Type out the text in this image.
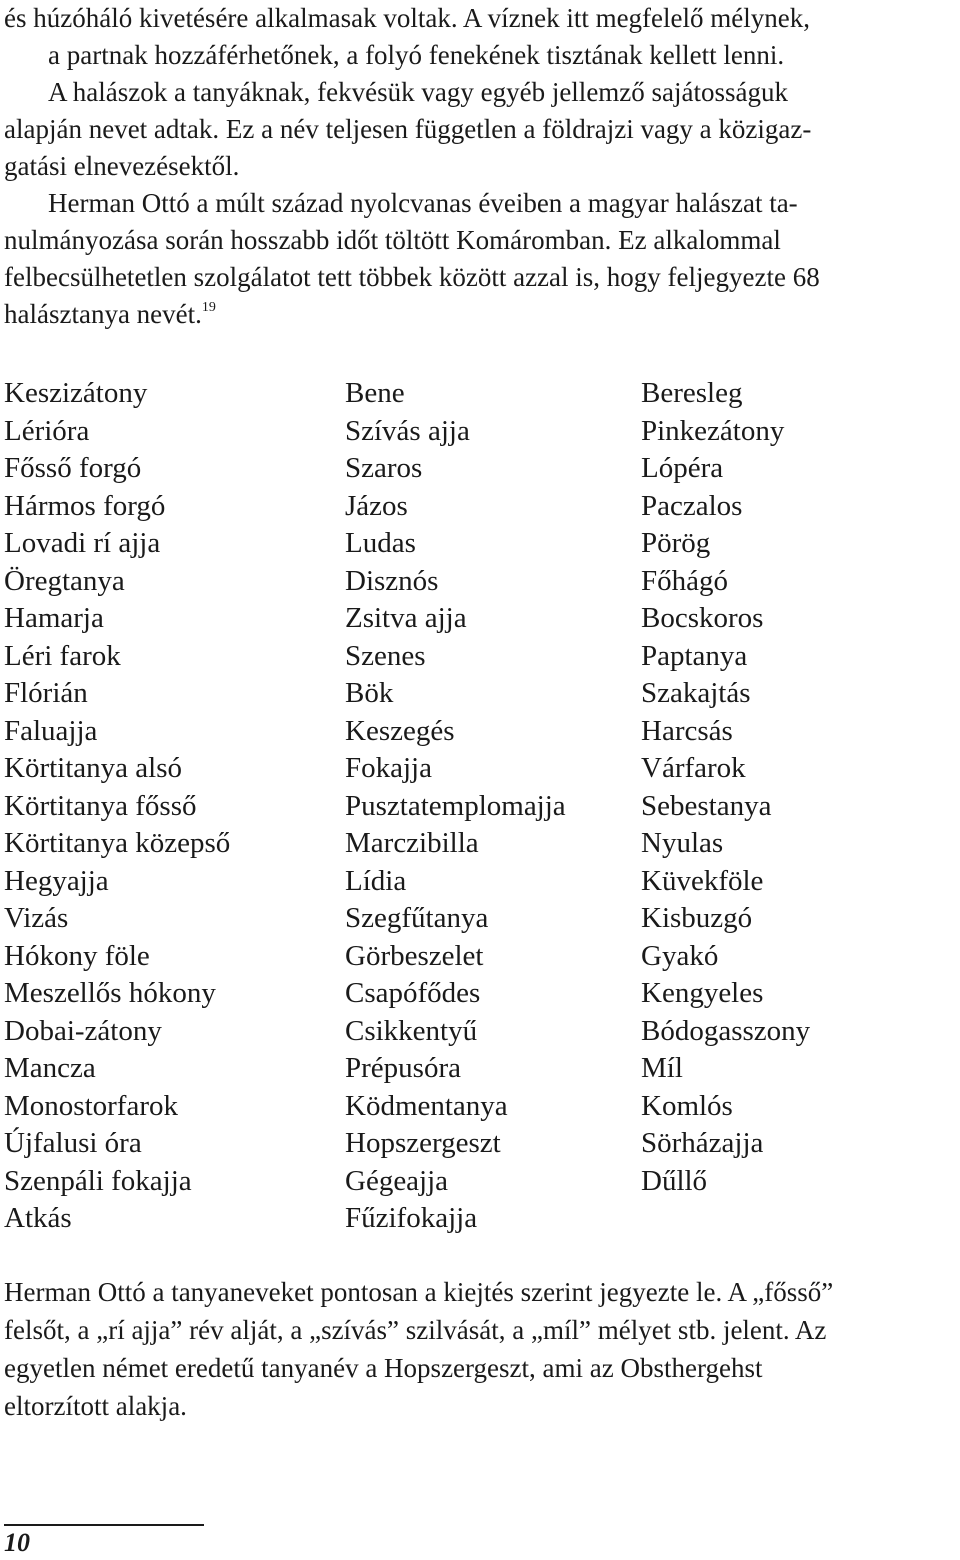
és húzóháló kivetésére alkalmasak voltak. A víznek itt megfelelő mélynek,
a partnak hozzáférhetőnek, a folyó fenekének tisztának kellett lenni.
A halászok a tanyáknak, fekvésük vagy egyéb jellemző sajátosságuk
alapján nevet adtak. Ez a név teljesen független a földrajzi vagy a közigaz-
gatási elnevezésektől.
Herman Ottó a múlt század nyolcvanas éveiben a magyar halászat ta-
nulmányozása során hosszabb időt töltött Komáromban. Ez alkalommal
felbecsülhetetlen szolgálatot tett többek között azzal is, hogy feljegyezte 68
halásztanya nevét.$^{19}$
Keszizátony
Lérióra
Fősső forgó
Hármos forgó
Lovadi rí ajja
Öregtanya
Hamarja
Léri farok
Flórián
Faluajja
Körtitanya alsó
Körtitanya fősső
Körtitanya közepső
Hegyajja
Vizás
Hókony föle
Meszellős hókony
Dobai-zátony
Mancza
Monostorfarok
Újfalusi óra
Szenpáli fokajja
Atkás
Bene
Szívás ajja
Szaros
Jázos
Ludas
Disznós
Zsitva ajja
Szenes
Bök
Keszegés
Fokajja
Pusztatemplomajja
Marczibilla
Lídia
Szegfűtanya
Görbeszelet
Csapófődes
Csikkentyű
Prépusóra
Ködmentanya
Hopszergeszt
Gégeajja
Fűzifokajja
Beresleg
Pinkezátony
Lópéra
Paczalos
Pörög
Főhágó
Bocskoros
Paptanya
Szakajtás
Harcsás
Várfarok
Sebestanya
Nyulas
Küvekföle
Kisbuzgó
Gyakó
Kengyeles
Bódogasszony
Míl
Komlós
Sörházajja
Dűllő
Herman Ottó a tanyaneveket pontosan a kiejtés szerint jegyezte le. A „fősső”
felsőt, a „rí ajja” rév alját, a „szívás” szilvását, a „míl” mélyet stb. jelent. Az
egyetlen német eredetű tanyanév a Hopszergeszt, ami az Obsthergehst
eltorzított alakja.
10
